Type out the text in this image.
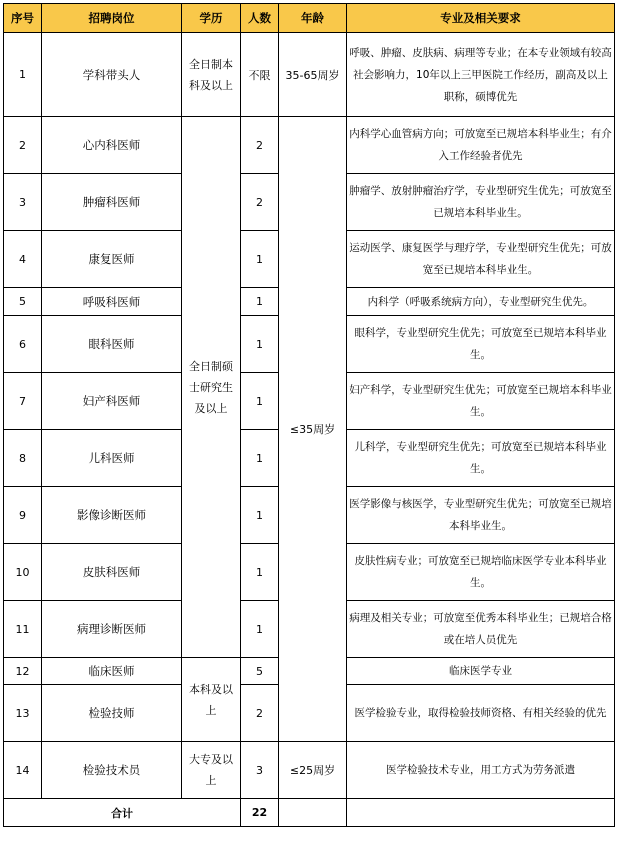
序号	招聘岗位	学历	人数	年龄	专业及相关要求
1	学科带头人	全日制本科及以上	不限	35-65周岁	呼吸、肿瘤、皮肤病、病理等专业；在本专业领域有较高社会影响力，10年以上三甲医院工作经历，副高及以上职称，硕博优先
2	心内科医师	全日制硕士研究生及以上	2	≤35周岁	内科学心血管病方向；可放宽至已规培本科毕业生；有介入工作经验者优先
3	肿瘤科医师		2		肿瘤学、放射肿瘤治疗学，专业型研究生优先；可放宽至已规培本科毕业生。
4	康复医师		1		运动医学、康复医学与理疗学，专业型研究生优先；可放宽至已规培本科毕业生。
5	呼吸科医师		1		内科学（呼吸系统病方向），专业型研究生优先。
6	眼科医师		1		眼科学，专业型研究生优先；可放宽至已规培本科毕业生。
7	妇产科医师		1		妇产科学，专业型研究生优先；可放宽至已规培本科毕业生。
8	儿科医师		1		儿科学，专业型研究生优先；可放宽至已规培本科毕业生。
9	影像诊断医师		1		医学影像与核医学，专业型研究生优先；可放宽至已规培本科毕业生。
10	皮肤科医师		1		皮肤性病专业；可放宽至已规培临床医学专业本科毕业生。
11	病理诊断医师		1		病理及相关专业；可放宽至优秀本科毕业生；已规培合格或在培人员优先
12	临床医师	本科及以上	5		临床医学专业
13	检验技师		2		医学检验专业，取得检验技师资格、有相关经验的优先
14	检验技术员	大专及以上	3	≤25周岁	医学检验技术专业，用工方式为劳务派遣
合计			22		
